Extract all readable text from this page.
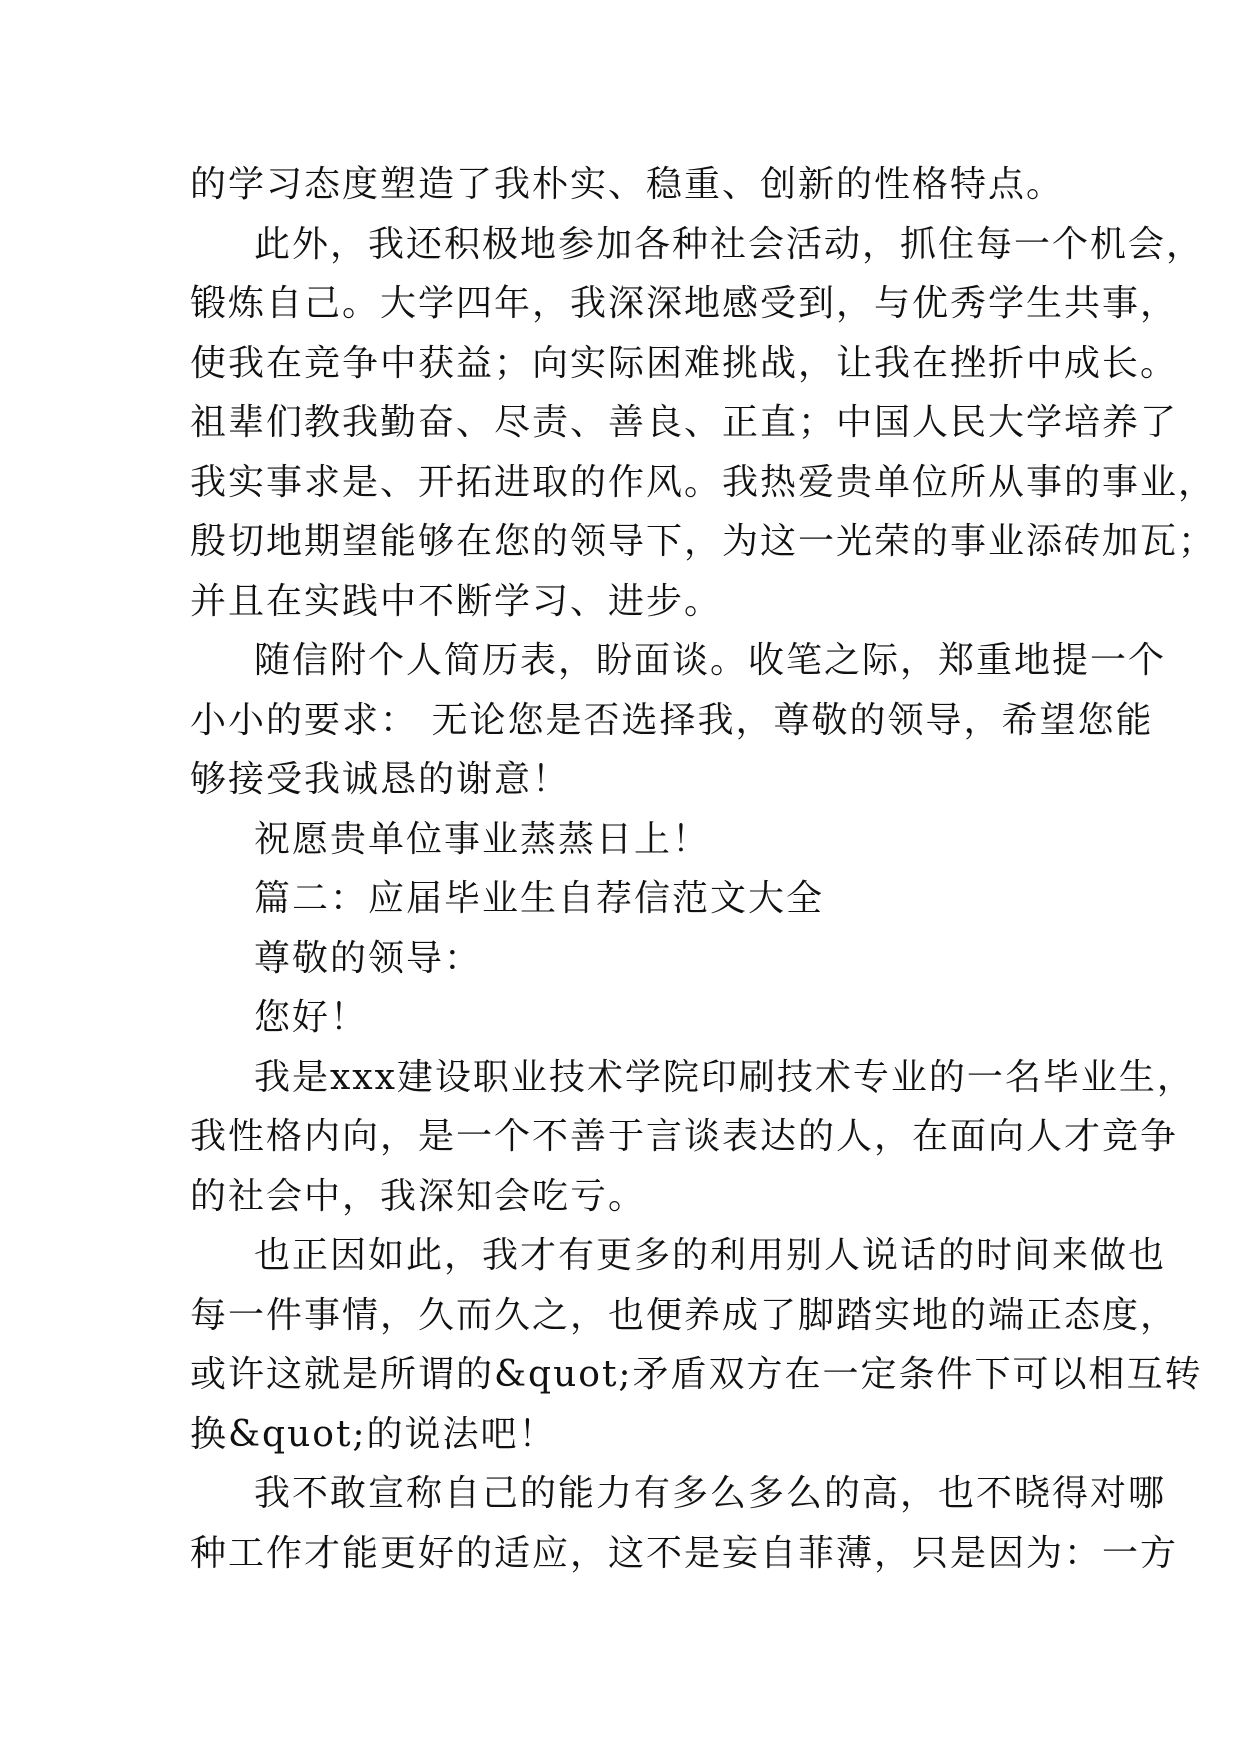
的学习态度塑造了我朴实、稳重、创新的性格特点。
此外，我还积极地参加各种社会活动，抓住每一个机会，
锻炼自己。大学四年，我深深地感受到，与优秀学生共事，
使我在竞争中获益；向实际困难挑战，让我在挫折中成长。
祖辈们教我勤奋、尽责、善良、正直；中国人民大学培养了
我实事求是、开拓进取的作风。我热爱贵单位所从事的事业，
殷切地期望能够在您的领导下，为这一光荣的事业添砖加瓦；
并且在实践中不断学习、进步。
随信附个人简历表，盼面谈。收笔之际，郑重地提一个
小小的要求： 无论您是否选择我，尊敬的领导，希望您能
够接受我诚恳的谢意！
祝愿贵单位事业蒸蒸日上！
篇二：应届毕业生自荐信范文大全
尊敬的领导：
您好！
我是xxx建设职业技术学院印刷技术专业的一名毕业生，
我性格内向，是一个不善于言谈表达的人，在面向人才竞争
的社会中，我深知会吃亏。
也正因如此，我才有更多的利用别人说话的时间来做也
每一件事情，久而久之，也便养成了脚踏实地的端正态度，
或许这就是所谓的&quot;矛盾双方在一定条件下可以相互转
换&quot;的说法吧！
我不敢宣称自己的能力有多么多么的高，也不晓得对哪
种工作才能更好的适应，这不是妄自菲薄，只是因为：一方
